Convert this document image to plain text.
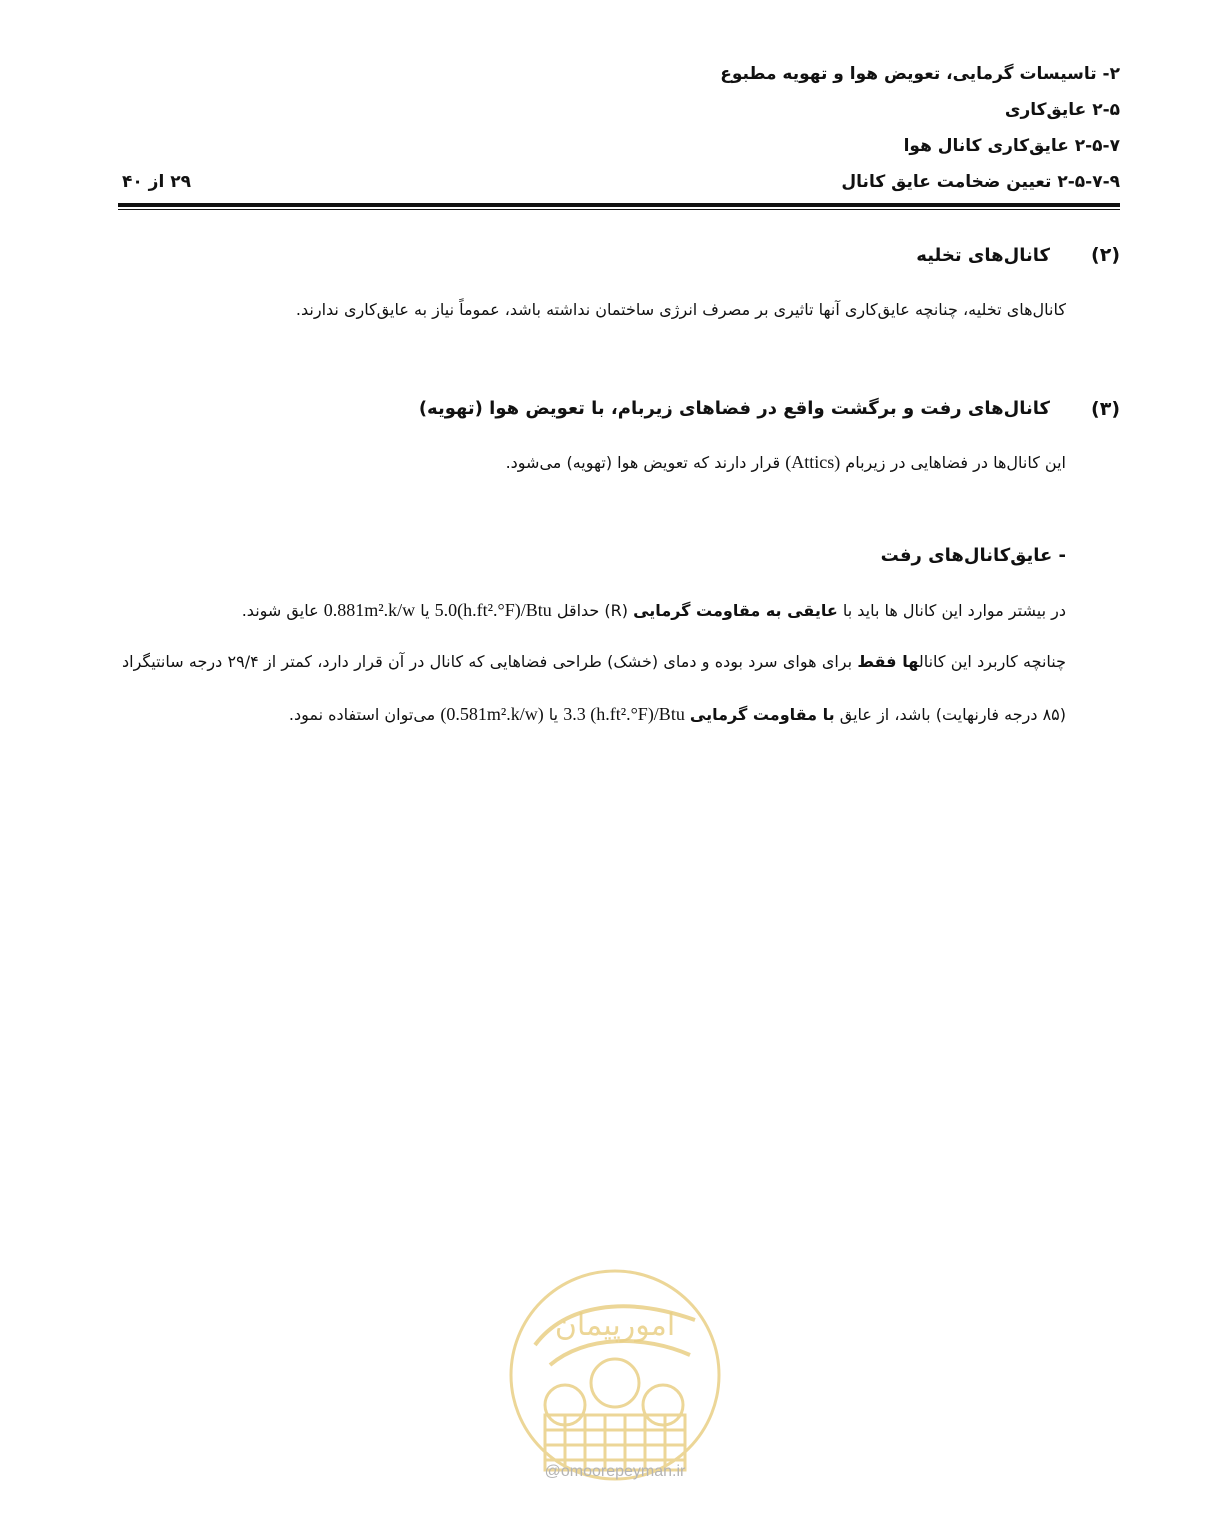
۲- تاسیسات گرمایی، تعویض هوا و تهویه مطبوع
۲-۵ عایق‌کاری
۲-۵-۷ عایق‌کاری کانال هوا
۲-۵-۷-۹ تعیین ضخامت عایق کانال
۲۹ از ۴۰
(۲)
کانال‌های تخلیه
کانال‌های تخلیه، چنانچه عایق‌کاری آنها تاثیری بر مصرف انرژی ساختمان نداشته باشد، عموماً نیاز به عایق‌کاری ندارند.
(۳)
کانال‌های رفت و برگشت واقع در فضاهای زیربام، با تعویض هوا (تهویه)
این کانال‌ها در فضاهایی در زیربام (Attics) قرار دارند که تعویض هوا (تهویه) می‌شود.
- عایق‌کانال‌های رفت
در بیشتر موارد این کانال ها باید با عایقی به مقاومت گرمایی (R) حداقل 5.0(h.ft².°F)/Btu یا 0.881m².k/w عایق شوند.
چنانچه کاربرد این کانالها فقط برای هوای سرد بوده و دمای (خشک) طراحی فضاهایی که کانال در آن قرار دارد، کمتر از ۲۹/۴ درجه سانتیگراد (۸۵ درجه فارنهایت) باشد، از عایق با مقاومت گرمایی 3.3 (h.ft².°F)/Btu یا (0.581m².k/w) می‌توان استفاده نمود.
امورپیمان
@omoorepeyman.ir
